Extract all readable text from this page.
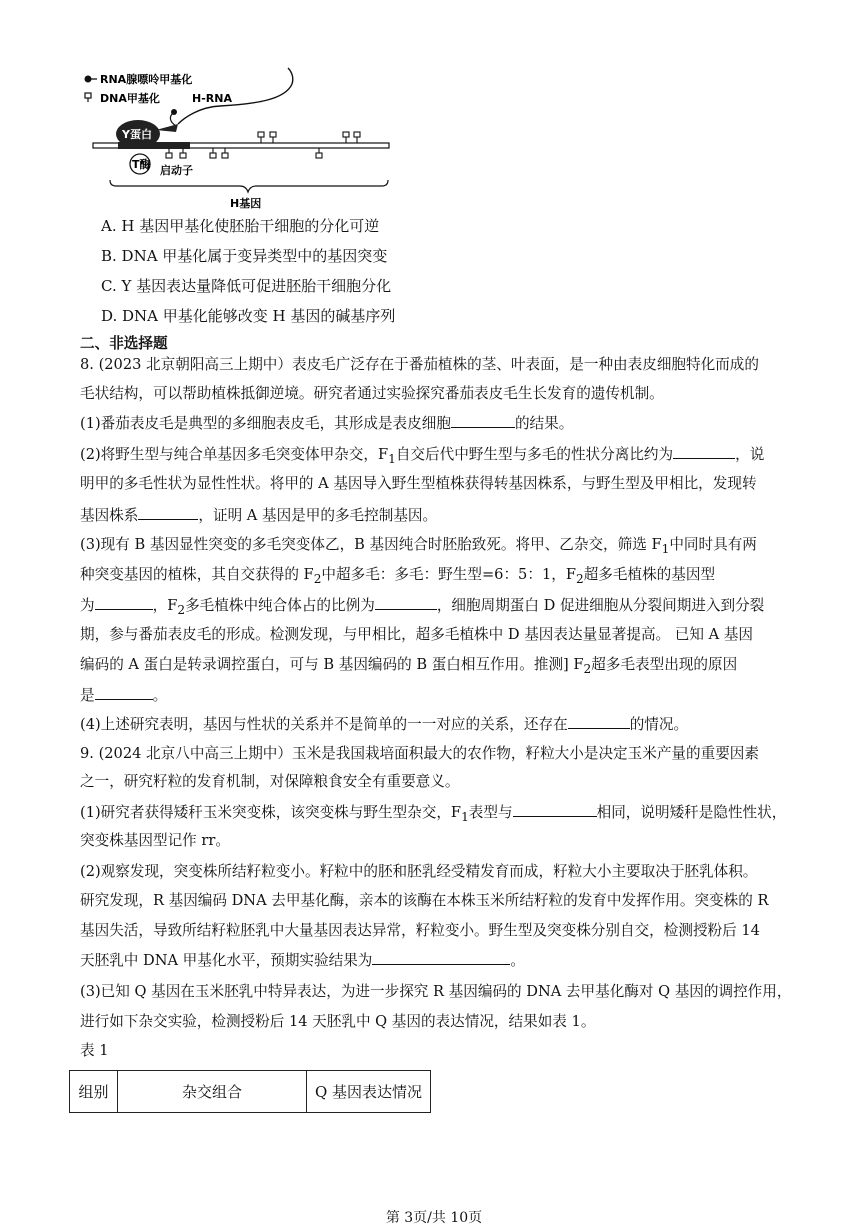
RNA腺嘌呤甲基化
DNA甲基化	H-RNA
Y蛋白
T酶 启动子
H基因
A. H 基因甲基化使胚胎干细胞的分化可逆
B. DNA 甲基化属于变异类型中的基因突变
C. Y 基因表达量降低可促进胚胎干细胞分化
D. DNA 甲基化能够改变 H 基因的碱基序列
二、非选择题
8. (2023 北京朝阳高三上期中）表皮毛广泛存在于番茄植株的茎、叶表面，是一种由表皮细胞特化而成的
毛状结构，可以帮助植株抵御逆境。研究者通过实验探究番茄表皮毛生长发育的遗传机制。
(1)番茄表皮毛是典型的多细胞表皮毛，其形成是表皮细胞	的结果。
(2)将野生型与纯合单基因多毛突变体甲杂交，$F_1$自交后代中野生型与多毛的性状分离比约为	，说
明甲的多毛性状为显性性状。将甲的 A 基因导入野生型植株获得转基因株系，与野生型及甲相比，发现转
基因株系	，证明 A 基因是甲的多毛控制基因。
(3)现有 B 基因显性突变的多毛突变体乙，B 基因纯合时胚胎致死。将甲、乙杂交，筛选 $F_1$中同时具有两
种突变基因的植株，其自交获得的 $F_2$中超多毛：多毛：野生型=6：5：1，$F_2$超多毛植株的基因型
为	，$F_2$多毛植株中纯合体占的比例为	，细胞周期蛋白 D 促进细胞从分裂间期进入到分裂
期，参与番茄表皮毛的形成。检测发现，与甲相比，超多毛植株中 D 基因表达量显著提高。 已知 A 基因
编码的 A 蛋白是转录调控蛋白，可与 B 基因编码的 B 蛋白相互作用。推测] $F_2$超多毛表型出现的原因
是	。
(4)上述研究表明，基因与性状的关系并不是简单的一一对应的关系，还存在	的情况。
9. (2024 北京八中高三上期中）玉米是我国栽培面积最大的农作物，籽粒大小是决定玉米产量的重要因素
之一，研究籽粒的发育机制，对保障粮食安全有重要意义。
(1)研究者获得矮秆玉米突变株，该突变株与野生型杂交，$F_1$表型与	相同，说明矮秆是隐性性状，
突变株基因型记作 rr。
(2)观察发现，突变株所结籽粒变小。籽粒中的胚和胚乳经受精发育而成，籽粒大小主要取决于胚乳体积。
研究发现，R 基因编码 DNA 去甲基化酶，亲本的该酶在本株玉米所结籽粒的发育中发挥作用。突变株的 R
基因失活，导致所结籽粒胚乳中大量基因表达异常，籽粒变小。野生型及突变株分别自交，检测授粉后 14
天胚乳中 DNA 甲基化水平，预期实验结果为	。
(3)已知 Q 基因在玉米胚乳中特异表达，为进一步探究 R 基因编码的 DNA 去甲基化酶对 Q 基因的调控作用，
进行如下杂交实验，检测授粉后 14 天胚乳中 Q 基因的表达情况，结果如表 1。
表 1
组别	杂交组合	Q 基因表达情况
第 3页/共 10页
